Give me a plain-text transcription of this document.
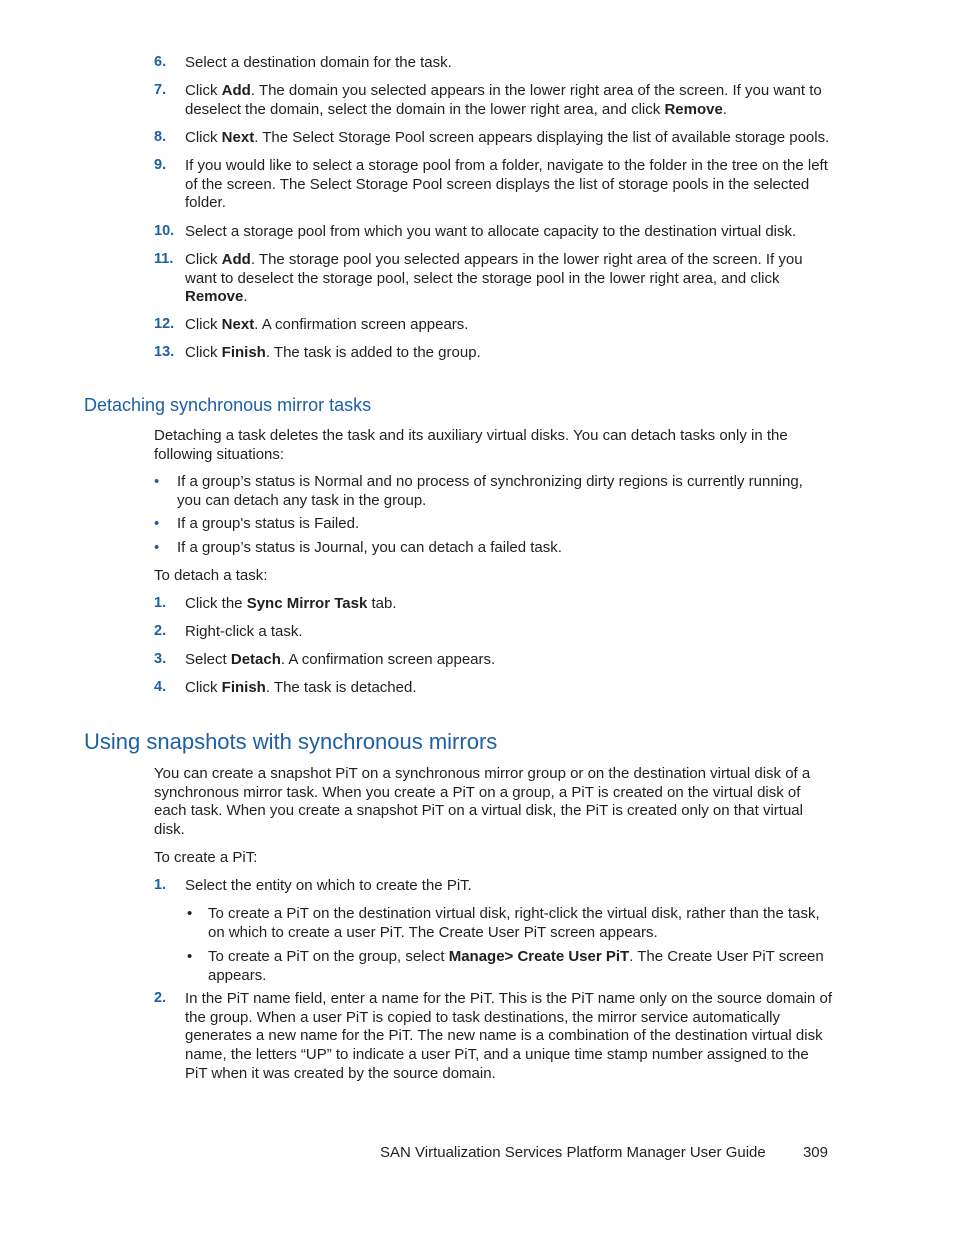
6. Select a destination domain for the task.
7. Click Add. The domain you selected appears in the lower right area of the screen. If you want to deselect the domain, select the domain in the lower right area, and click Remove.
8. Click Next. The Select Storage Pool screen appears displaying the list of available storage pools.
9. If you would like to select a storage pool from a folder, navigate to the folder in the tree on the left of the screen. The Select Storage Pool screen displays the list of storage pools in the selected folder.
10. Select a storage pool from which you want to allocate capacity to the destination virtual disk.
11. Click Add. The storage pool you selected appears in the lower right area of the screen. If you want to deselect the storage pool, select the storage pool in the lower right area, and click Remove.
12. Click Next. A confirmation screen appears.
13. Click Finish. The task is added to the group.
Detaching synchronous mirror tasks
Detaching a task deletes the task and its auxiliary virtual disks. You can detach tasks only in the following situations:
• If a group’s status is Normal and no process of synchronizing dirty regions is currently running, you can detach any task in the group.
• If a group's status is Failed.
• If a group’s status is Journal, you can detach a failed task.
To detach a task:
1. Click the Sync Mirror Task tab.
2. Right-click a task.
3. Select Detach. A confirmation screen appears.
4. Click Finish. The task is detached.
Using snapshots with synchronous mirrors
You can create a snapshot PiT on a synchronous mirror group or on the destination virtual disk of a synchronous mirror task. When you create a PiT on a group, a PiT is created on the virtual disk of each task. When you create a snapshot PiT on a virtual disk, the PiT is created only on that virtual disk.
To create a PiT:
1. Select the entity on which to create the PiT.
• To create a PiT on the destination virtual disk, right-click the virtual disk, rather than the task, on which to create a user PiT. The Create User PiT screen appears.
• To create a PiT on the group, select Manage> Create User PiT. The Create User PiT screen appears.
2. In the PiT name field, enter a name for the PiT. This is the PiT name only on the source domain of the group. When a user PiT is copied to task destinations, the mirror service automatically generates a new name for the PiT. The new name is a combination of the destination virtual disk name, the letters “UP” to indicate a user PiT, and a unique time stamp number assigned to the PiT when it was created by the source domain.
SAN Virtualization Services Platform Manager User Guide 309
